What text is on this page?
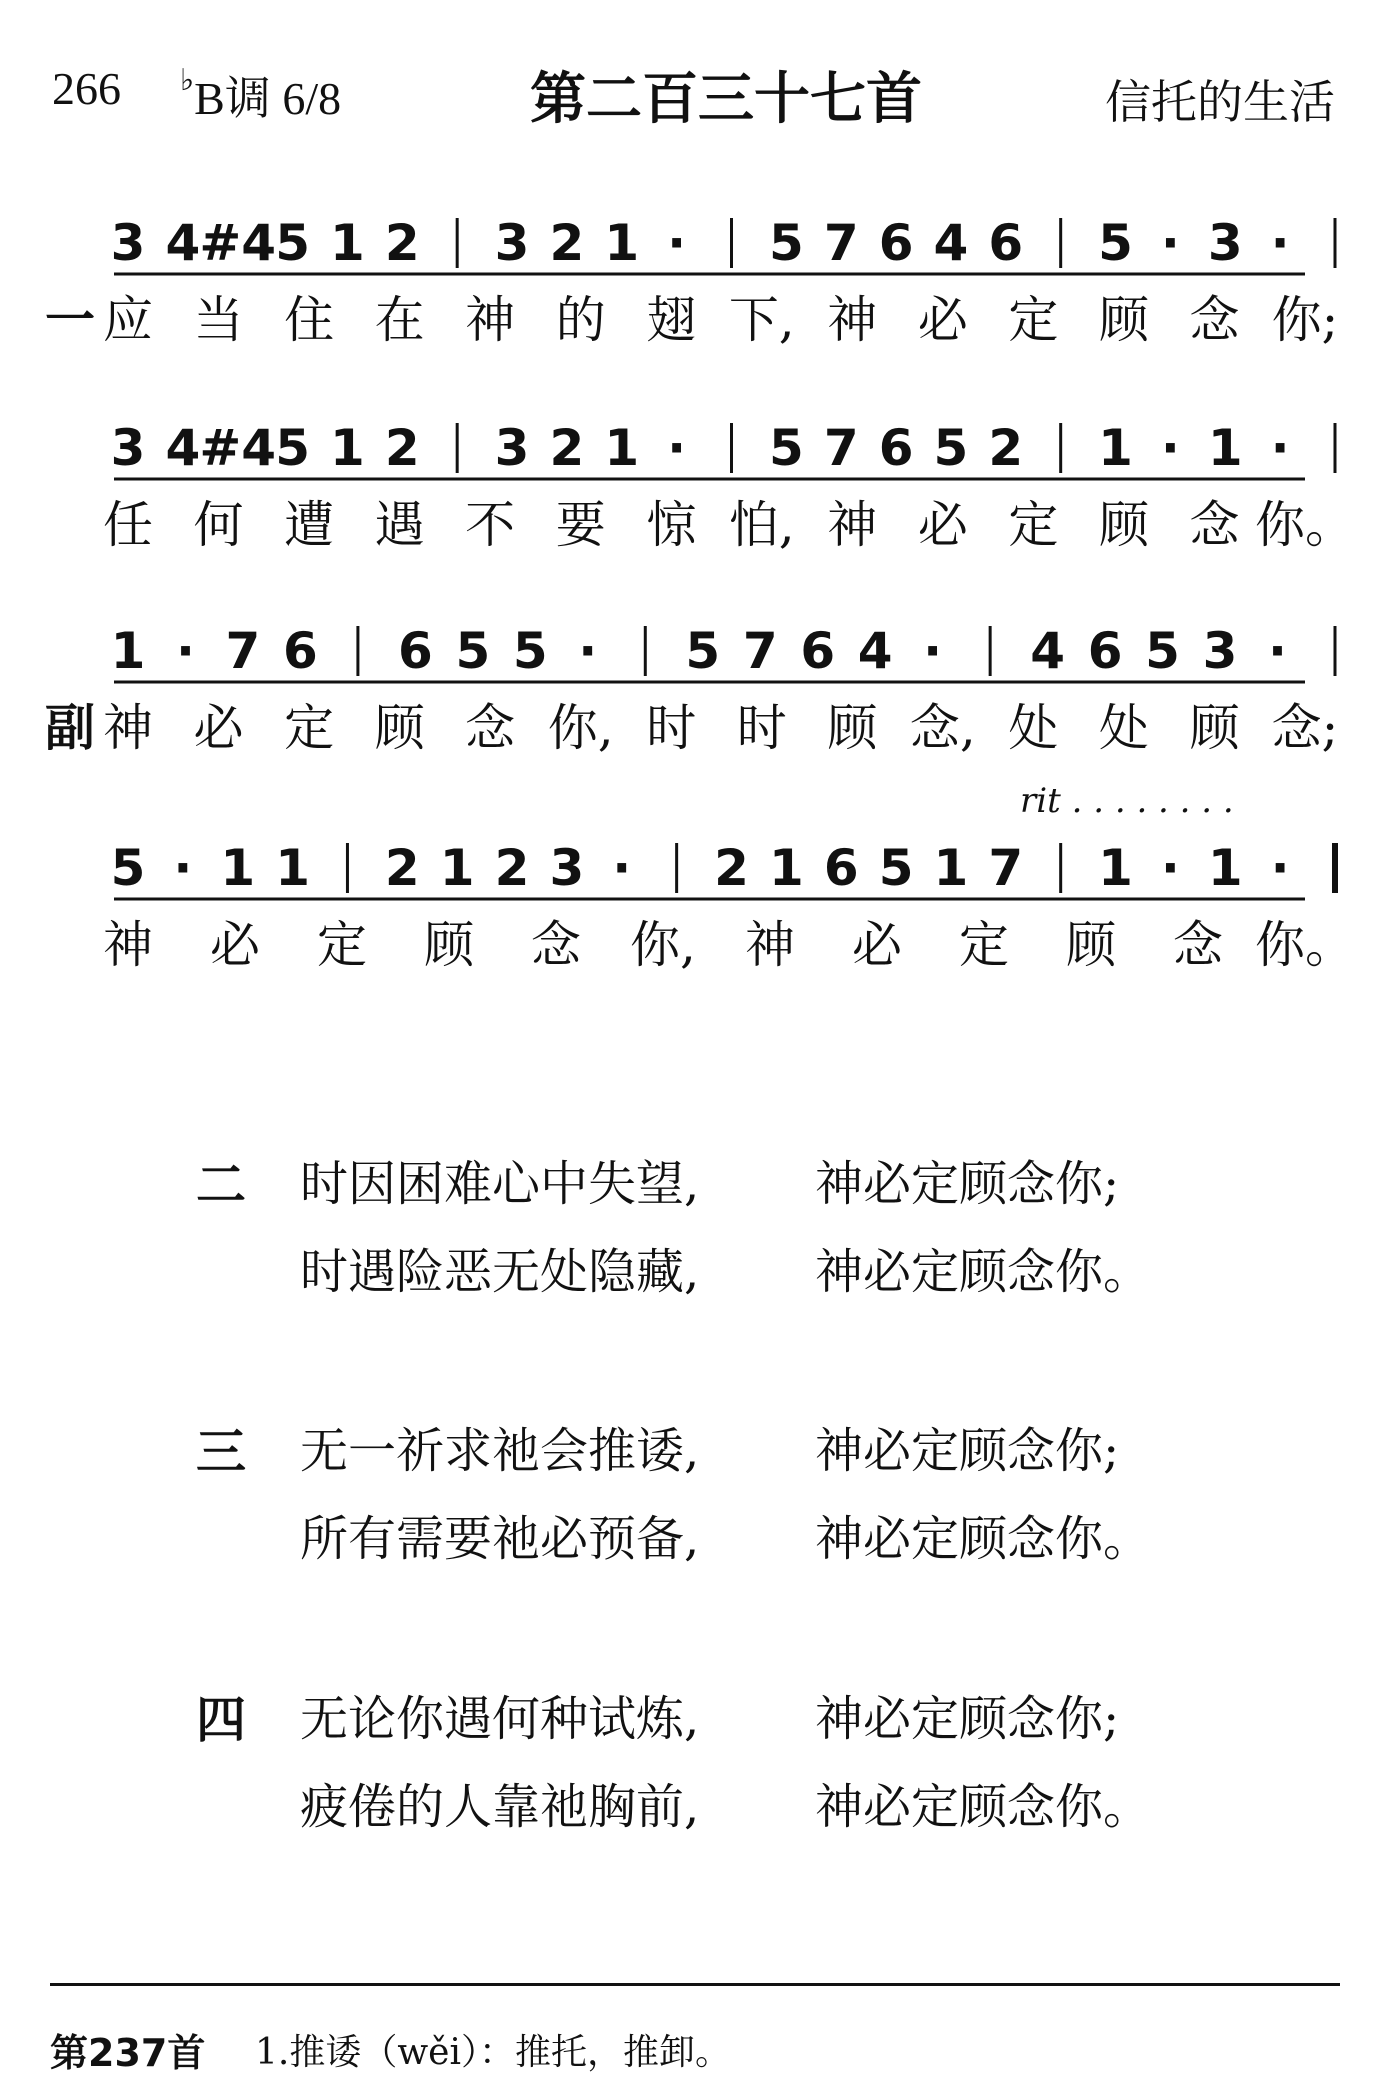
266 ♭B调 6/8	第二百三十七首	信托的生活
一
3 4 #4 5 1 2 3 2 1 · 5 7 6 4 6 5 · 3 ·
应 当 住 在 神 的 翅 下, 神 必 定 顾 念 你;
3 4 #4 5 1 2 3 2 1 · 5 7 6 5 2 1 · 1 ·
任 何 遭 遇 不 要 惊 怕, 神 必 定 顾 念 你。
副
1 · 7 6 6 5 5 · 5 7 6 4 · 4 6 5 3 ·
神 必 定 顾 念 你, 时 时 顾 念, 处 处 顾 念;
5 · 1 1 2 1 2 3 · 2 1 6 5 1 7 1 · 1 ·
神 必 定 顾 念 你, 神 必 定 顾 念 你。
rit . . . . . . . .
二 时因困难心中失望, 神必定顾念你;
时遇险恶无处隐藏, 神必定顾念你。
三 无一祈求祂会推诿, 神必定顾念你;
所有需要祂必预备, 神必定顾念你。
四 无论你遇何种试炼, 神必定顾念你;
疲倦的人靠祂胸前, 神必定顾念你。
第237首 1.推诿（wěi）：推托，推卸。
